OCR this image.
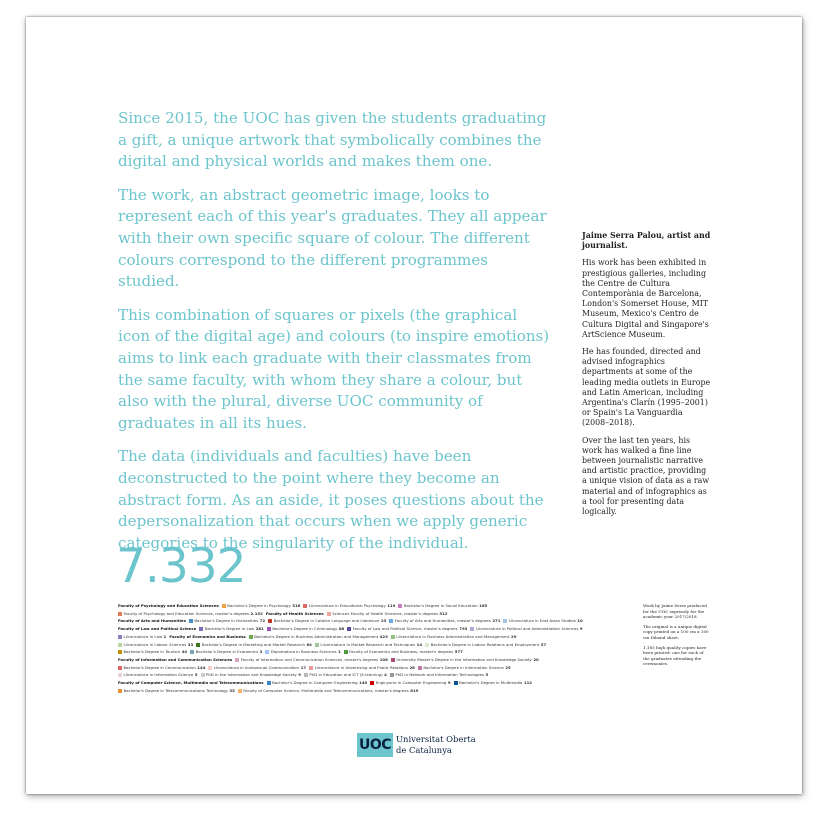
Since 2015, the UOC has given the students graduating a gift, a unique artwork that symbolically combines the digital and physical worlds and makes them one.

The work, an abstract geometric image, looks to represent each of this year's graduates. They all appear with their own specific square of colour. The different colours correspond to the different programmes studied.

This combination of squares or pixels (the graphical icon of the digital age) and colours (to inspire emotions) aims to link each graduate with their classmates from the same faculty, with whom they share a colour, but also with the plural, diverse UOC community of graduates in all its hues.

The data (individuals and faculties) have been deconstructed to the point where they become an abstract form. As an aside, it poses questions about the depersonalization that occurs when we apply generic categories to the singularity of the individual.

Jaime Serra Palou, artist and journalist.

His work has been exhibited in prestigious galleries, including the Centre de Cultura Contemporània de Barcelona, London's Somerset House, MIT Museum, Mexico's Centro de Cultura Digital and Singapore's ArtScience Museum.

He has founded, directed and advised infographics departments at some of the leading media outlets in Europe and Latin American, including Argentina's Clarín (1995–2001) or Spain's La Vanguardia (2008–2018).

Over the last ten years, his work has walked a fine line between journalistic narrative and artistic practice, providing a unique vision of data as a raw material and of infographics as a tool for presenting data logically.

7.332
Faculty of Psychology and Education Sciences Bachelor's Degree in Psychology 316 Llicenciatura in Educational Psychology 119 Bachelor's Degree in Social Education 165
Faculty of Psychology and Education Sciences, master's degrees 2.152 Faculty of Health Sciences Sciences Faculty of Health Sciences, master's degrees 512
Faculty of Arts and Humanities Bachelor's Degree in Humanities 72 Bachelor's Degree in Catalan Language and Literature 23 Faculty of Arts and Humanities, master's degrees 271 Llicenciatura in East Asian Studies 10
Faculty of Law and Political Science Bachelor's Degree in Law 281 Bachelor's Degree in Criminology 88 Faculty of Law and Political Science, master's degrees 793 Llicenciatura in Political and Administration Sciences 9
Llicenciatura in Law 1 Faculty of Economics and Business Bachelor's Degree in Business Administration and Management 423 Llicenciatura in Business Administration and Management 29
Llicenciatura in Labour Sciences 33 Bachelor's Degree in Marketing and Market Research 64 Llicenciatura in Market Research and Techniques 14 Bachelor's Degree in Labour Relations and Employment 57
Bachelor's Degree in Tourism 40 Bachelor's Degree in Economics 3 Diplomatura in Business Sciences 1 Faculty of Economics and Business, master's degrees 577
Faculty of Information and Communication Sciences Faculty of Information and Communication Sciences, master's degrees 108 University Master's Degree in the Information and Knowledge Society 20
Bachelor's Degree in Communication 144 Llicenciatura in Audiovisual Communication 17 Llicenciatura in Advertising and Public Relations 28 Bachelor's Degree in Information Science 25
Llicenciatura in Information Science 5 PhD in the Information and Knowledge Society 9 PhD in Education and ICT (E-learning) 4 PhD in Network and Information Technologies 5
Faculty of Computer Science, Multimedia and Telecommunications Bachelor's Degree in Computer Engineering 140 Enginyeria in Computer Engineering 9 Bachelor's Degree in Multimedia 112
Bachelor's Degree in Telecommunications Technology 35 Faculty of Computer Science, Multimedia and Telecommunications, master's degrees 619

Work by Jaime Serra produced for the UOC expressly for the academic year 2017/2018.

The original is a unique digital copy printed on a 100 cm x 100 cm Dibond sheet.

1,185 high quality copies have been printed: one for each of the graduates attending the ceremonies.

UOC Universitat Oberta
de Catalunya
